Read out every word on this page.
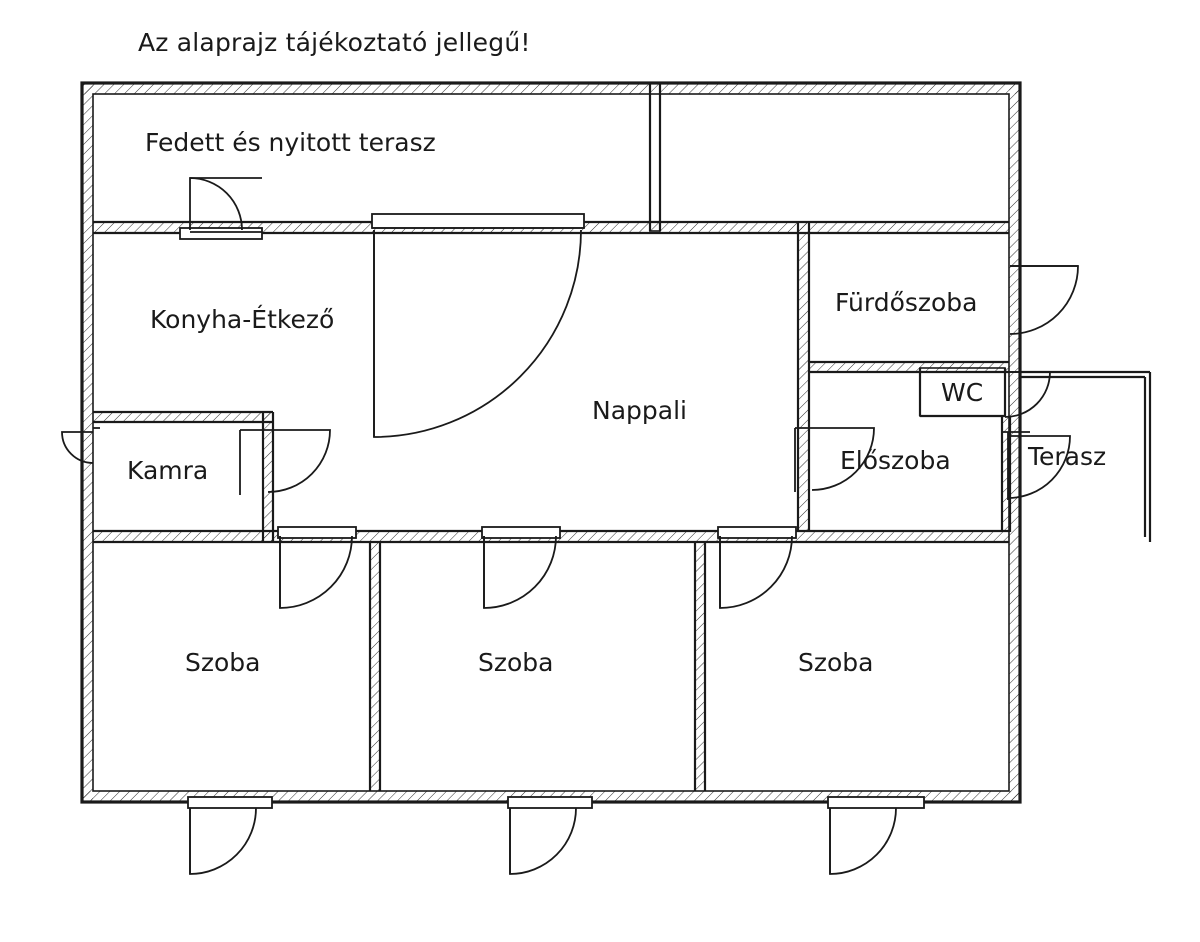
Az alaprajz tájékoztató jellegű!
Fedett és nyitott terasz
Konyha-Étkező
Nappali
Fürdőszoba
WC
Előszoba	Terasz
Kamra
Szoba	Szoba	Szoba
